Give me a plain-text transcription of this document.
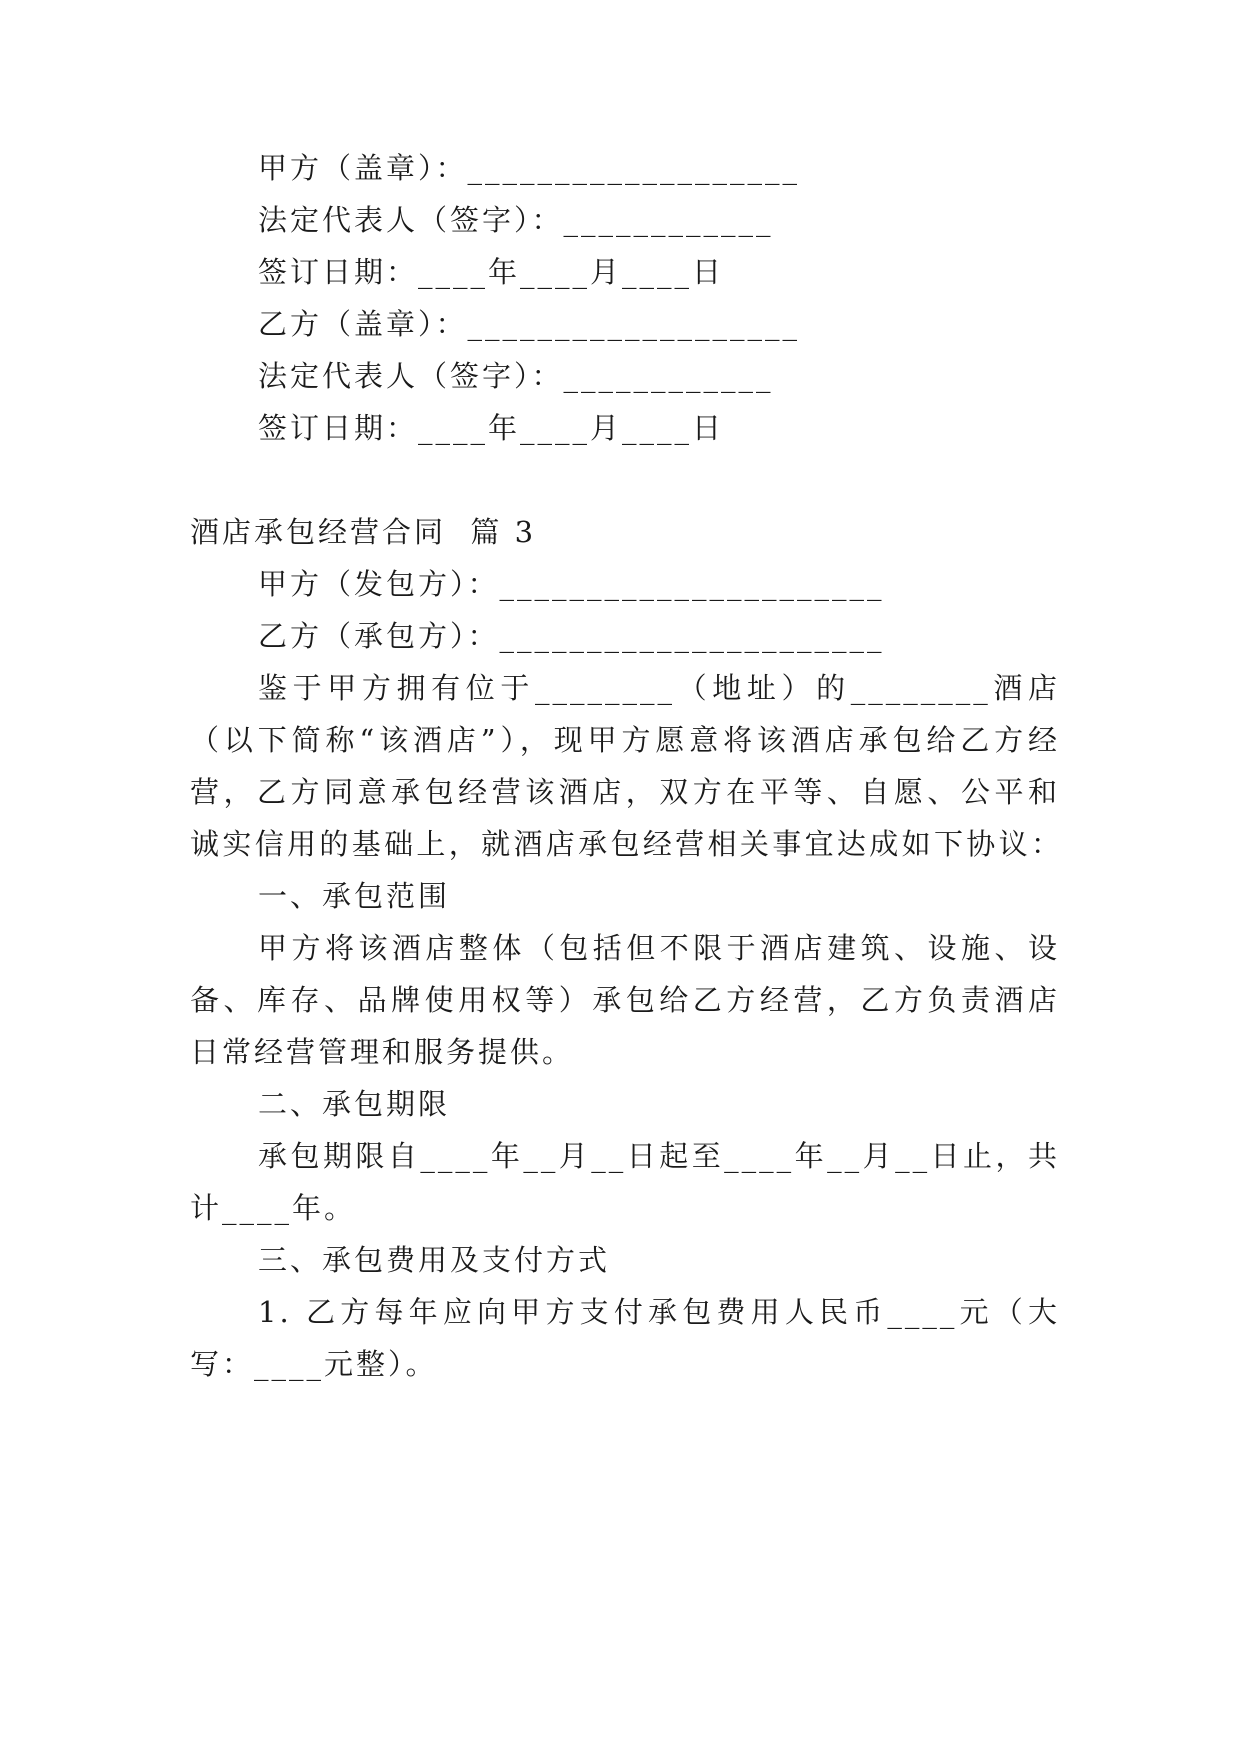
甲方（盖章）：___________________
法定代表人（签字）：____________
签订日期：____年____月____日
乙方（盖章）：___________________
法定代表人（签字）：____________
签订日期：____年____月____日
酒店承包经营合同  篇 3
甲方（发包方）：______________________
乙方（承包方）：______________________
鉴于甲方拥有位于________（地址）的________酒店
（以下简称“该酒店”），现甲方愿意将该酒店承包给乙方经
营，乙方同意承包经营该酒店，双方在平等、自愿、公平和
诚实信用的基础上，就酒店承包经营相关事宜达成如下协议：
一、承包范围
甲方将该酒店整体（包括但不限于酒店建筑、设施、设
备、库存、品牌使用权等）承包给乙方经营，乙方负责酒店
日常经营管理和服务提供。
二、承包期限
承包期限自____年__月__日起至____年__月__日止，共
计____年。
三、承包费用及支付方式
1. 乙方每年应向甲方支付承包费用人民币____元（大
写：____元整）。
